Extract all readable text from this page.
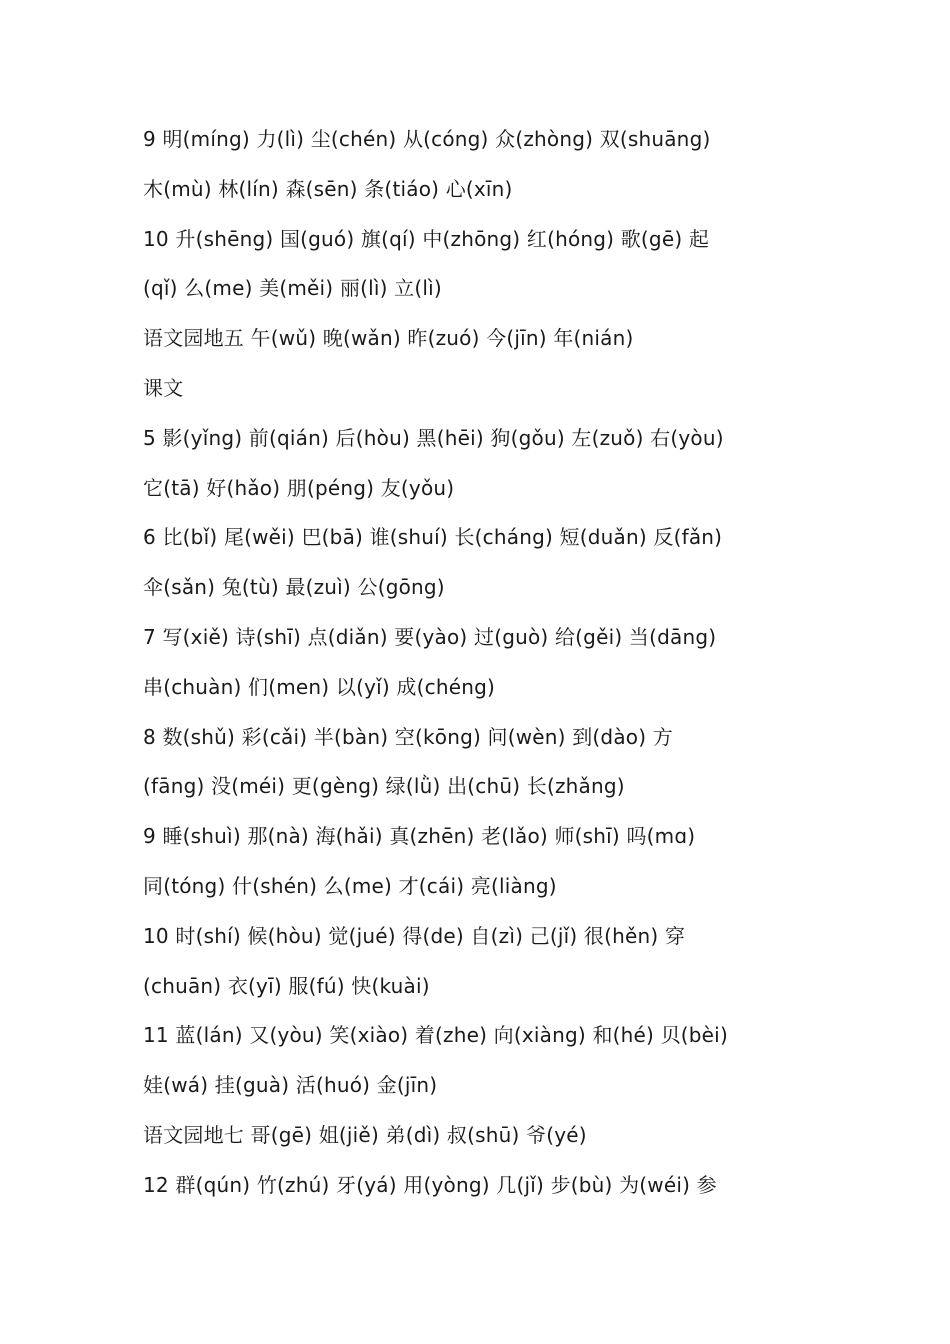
9 明(míng) 力(lì) 尘(chén) 从(cóng) 众(zhòng) 双(shuāng)
木(mù) 林(lín) 森(sēn) 条(tiáo) 心(xīn)
10 升(shēng) 国(guó) 旗(qí) 中(zhōng) 红(hóng) 歌(gē) 起
(qǐ) 么(me) 美(měi) 丽(lì) 立(lì)
语文园地五 午(wǔ) 晚(wǎn) 昨(zuó) 今(jīn) 年(nián)
课文
5 影(yǐng) 前(qián) 后(hòu) 黑(hēi) 狗(gǒu) 左(zuǒ) 右(yòu)
它(tā) 好(hǎo) 朋(péng) 友(yǒu)
6 比(bǐ) 尾(wěi) 巴(bā) 谁(shuí) 长(cháng) 短(duǎn) 反(fǎn)
伞(sǎn) 兔(tù) 最(zuì) 公(gōng)
7 写(xiě) 诗(shī) 点(diǎn) 要(yào) 过(guò) 给(gěi) 当(dāng)
串(chuàn) 们(men) 以(yǐ) 成(chéng)
8 数(shǔ) 彩(cǎi) 半(bàn) 空(kōng) 问(wèn) 到(dào) 方
(fāng) 没(méi) 更(gèng) 绿(lǜ) 出(chū) 长(zhǎng)
9 睡(shuì) 那(nà) 海(hǎi) 真(zhēn) 老(lǎo) 师(shī) 吗(mɑ)
同(tóng) 什(shén) 么(me) 才(cái) 亮(liàng)
10 时(shí) 候(hòu) 觉(jué) 得(de) 自(zì) 己(jǐ) 很(hěn) 穿
(chuān) 衣(yī) 服(fú) 快(kuài)
11 蓝(lán) 又(yòu) 笑(xiào) 着(zhe) 向(xiàng) 和(hé) 贝(bèi)
娃(wá) 挂(guà) 活(huó) 金(jīn)
语文园地七 哥(gē) 姐(jiě) 弟(dì) 叔(shū) 爷(yé)
12 群(qún) 竹(zhú) 牙(yá) 用(yòng) 几(jǐ) 步(bù) 为(wéi) 参
